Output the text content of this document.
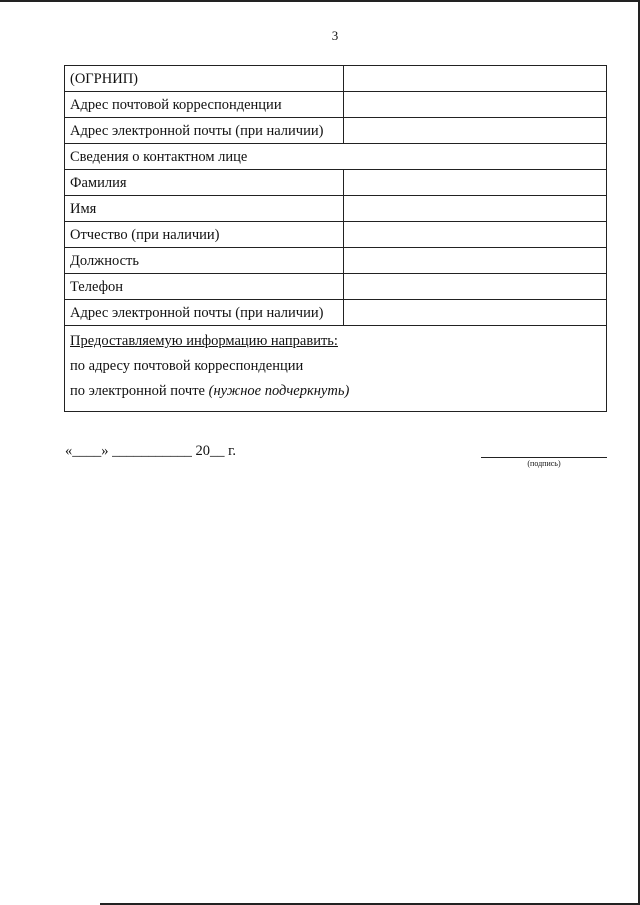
3
(ОГРНИП)	
Адрес почтовой корреспонденции	
Адрес электронной почты (при наличии)	
Сведения о контактном лице	
Фамилия	
Имя	
Отчество (при наличии)	
Должность	
Телефон	
Адрес электронной почты (при наличии)	

Предоставляемую информацию направить:
по адресу почтовой корреспонденции
по электронной почте (нужное подчеркнуть)	
«____» ___________ 20__ г.
(подпись)
